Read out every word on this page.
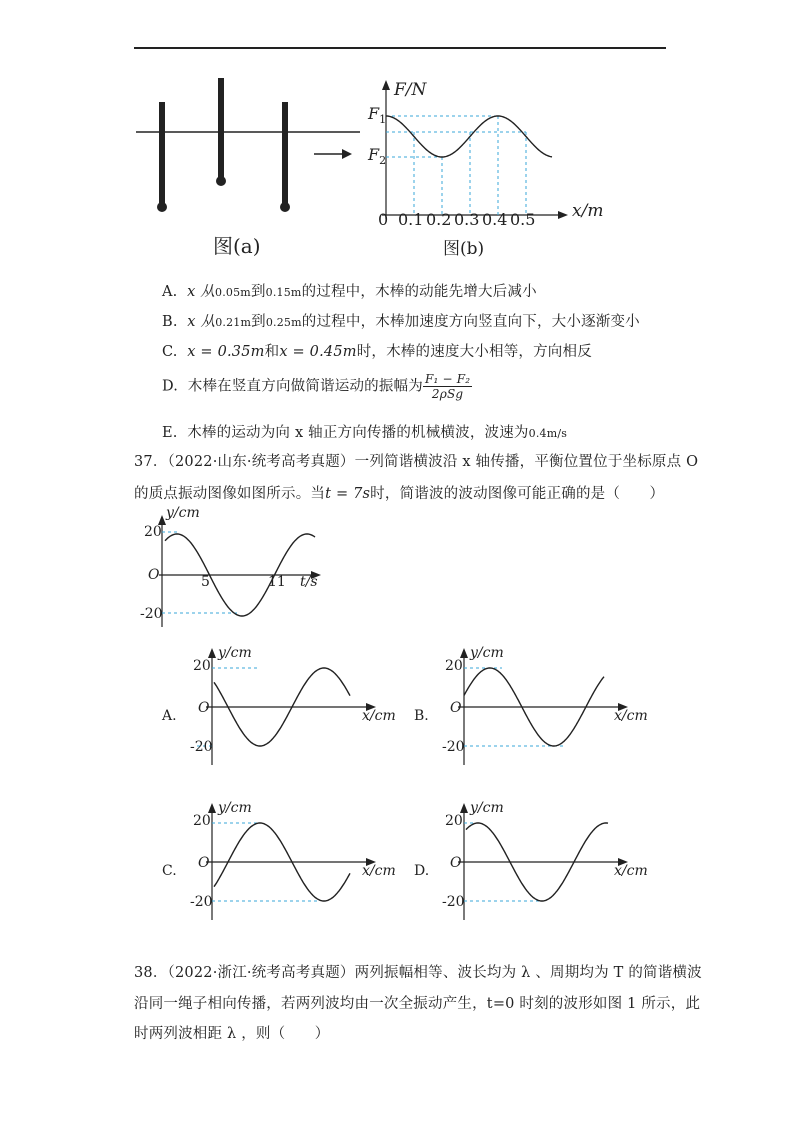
F/N
$F_1$
$F_2$
0 0.1 0.2 0.3 0.4 0.5 x/m
图(a)	图(b)
A. x 从0.05m到0.15m的过程中，木棒的动能先增大后减小
B. x 从0.21m到0.25m的过程中，木棒加速度方向竖直向下，大小逐渐变小
C. x = 0.35m和x = 0.45m时，木棒的速度大小相等，方向相反
D. 木棒在竖直方向做简谐运动的振幅为 $\frac{\text{F₁ − F₂}}{\text{2ρSg}}$
E. 木棒的运动为向 x 轴正方向传播的机械横波，波速为0.4m/s
37．（2022·山东·统考高考真题）一列简谐横波沿 x 轴传播，平衡位置位于坐标原点 O
的质点振动图像如图所示。当t = 7s时，简谐波的波动图像可能正确的是（　　）
y/cm
20
O	5	11 t/s
-20
A.
y/cm
20
O	x/cm
-20
B.
y/cm
20
O	x/cm
-20
C.
y/cm
20
O	x/cm
-20
D.
y/cm
20
O	x/cm
-20
38．（2022·浙江·统考高考真题）两列振幅相等、波长均为 λ 、周期均为 T 的简谐横波
沿同一绳子相向传播，若两列波均由一次全振动产生，t=0 时刻的波形如图 1 所示，此
时两列波相距 λ ，则（　　）
